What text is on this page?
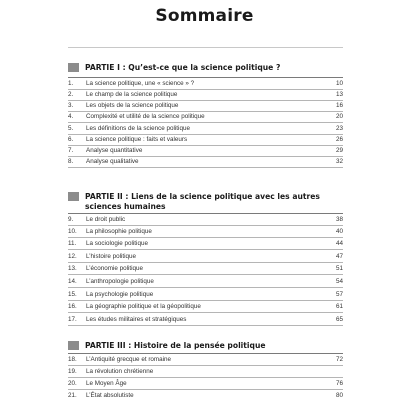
Sommaire
PARTIE I : Qu’est-ce que la science politique ?
1. La science politique, une « science » ?	10
2. Le champ de la science politique	13
3. Les objets de la science politique	16
4. Complexité et utilité de la science politique	20
5. Les définitions de la science politique	23
6. La science politique : faits et valeurs	26
7. Analyse quantitative	29
8. Analyse qualitative	32
PARTIE II : Liens de la science politique avec les autres sciences humaines
9. Le droit public	38
10. La philosophie politique	40
11. La sociologie politique	44
12. L’histoire politique	47
13. L’économie politique	51
14. L’anthropologie politique	54
15. La psychologie politique	57
16. La géographie politique et la géopolitique	61
17. Les études militaires et stratégiques	65
PARTIE III : Histoire de la pensée politique
18. L’Antiquité grecque et romaine	72
19. La révolution chrétienne
20. Le Moyen Âge	76
21. L’État absolutiste	80
